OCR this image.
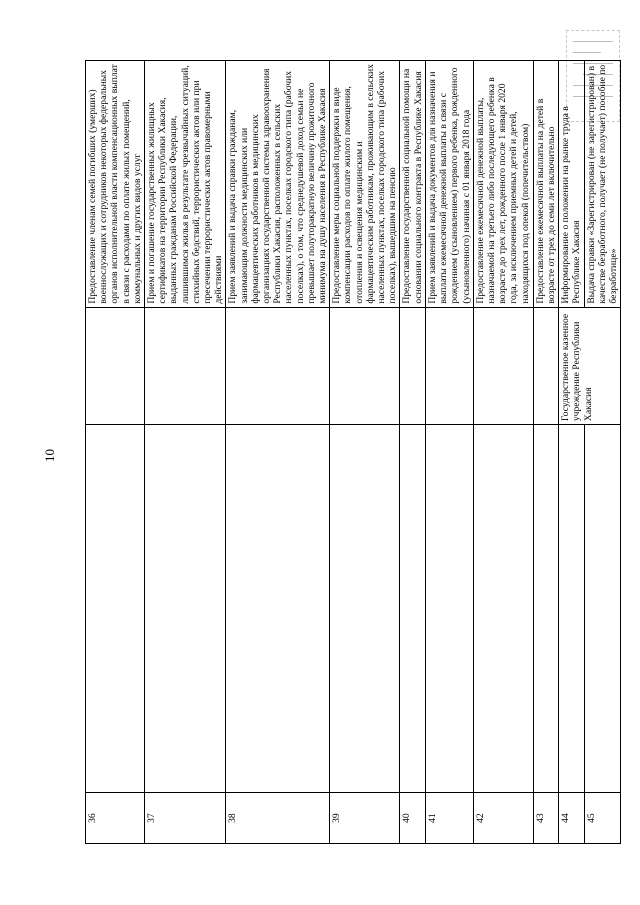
10
36			Предоставление членам семей погибших (умерших) военнослужащих и сотрудников некоторых федеральных органов исполнительной власти компенсационных выплат в связи с расходами по оплате жилых помещений, коммунальных и других видов услуг
37			Прием и погашение государственных жилищных сертификатов на территории Республики Хакасия, выданных гражданам Российской Федерации, лишившимся жилья в результате чрезвычайных ситуаций, стихийных бедствий, террористических актов или при пресечении террористических актов правомерными действиями
38			Прием заявлений и выдача справки гражданам, занимающим должности медицинских или фармацевтических работников в медицинских организациях государственной системы здравоохранения Республики Хакасия, расположенных в сельских населенных пунктах, поселках городского типа (рабочих поселках), о том, что среднедушевой доход семьи не превышает полуторакратную величину прожиточного минимума на душу населения в Республике Хакасия
39			Предоставление меры социальной поддержки в виде компенсации расходов по оплате жилого помещения, отопления и освещения медицинским и фармацевтическим работникам, проживающим в сельских населенных пунктах, поселках городского типа (рабочих поселках), вышедшим на пенсию
40			Предоставление государственной социальной помощи на основании социального контракта в Республике Хакасия
41			Прием заявлений и выдача документов для назначения и выплаты ежемесячной денежной выплаты в связи с рождением (усыновлением) первого ребенка, рожденного (усыновленного) начиная с 01 января 2018 года
42			Предоставление ежемесячной денежной выплаты, назначаемой на третьего либо последующего ребенка в возрасте до трех лет, рожденного после 1 января 2020 года, за исключением приемных детей и детей, находящихся под опекой (попечительством)
43			Предоставление ежемесячной выплаты на детей в возрасте от трех до семи лет включительно
44		Государственное казенное учреждение Республики Хакасия	Информирование о положении на рынке труда в Республике Хакасия
45			Выдача справки «Зарегистрирован (не зарегистрирован) в качестве безработного, получает (не получает) пособие по безработице»
